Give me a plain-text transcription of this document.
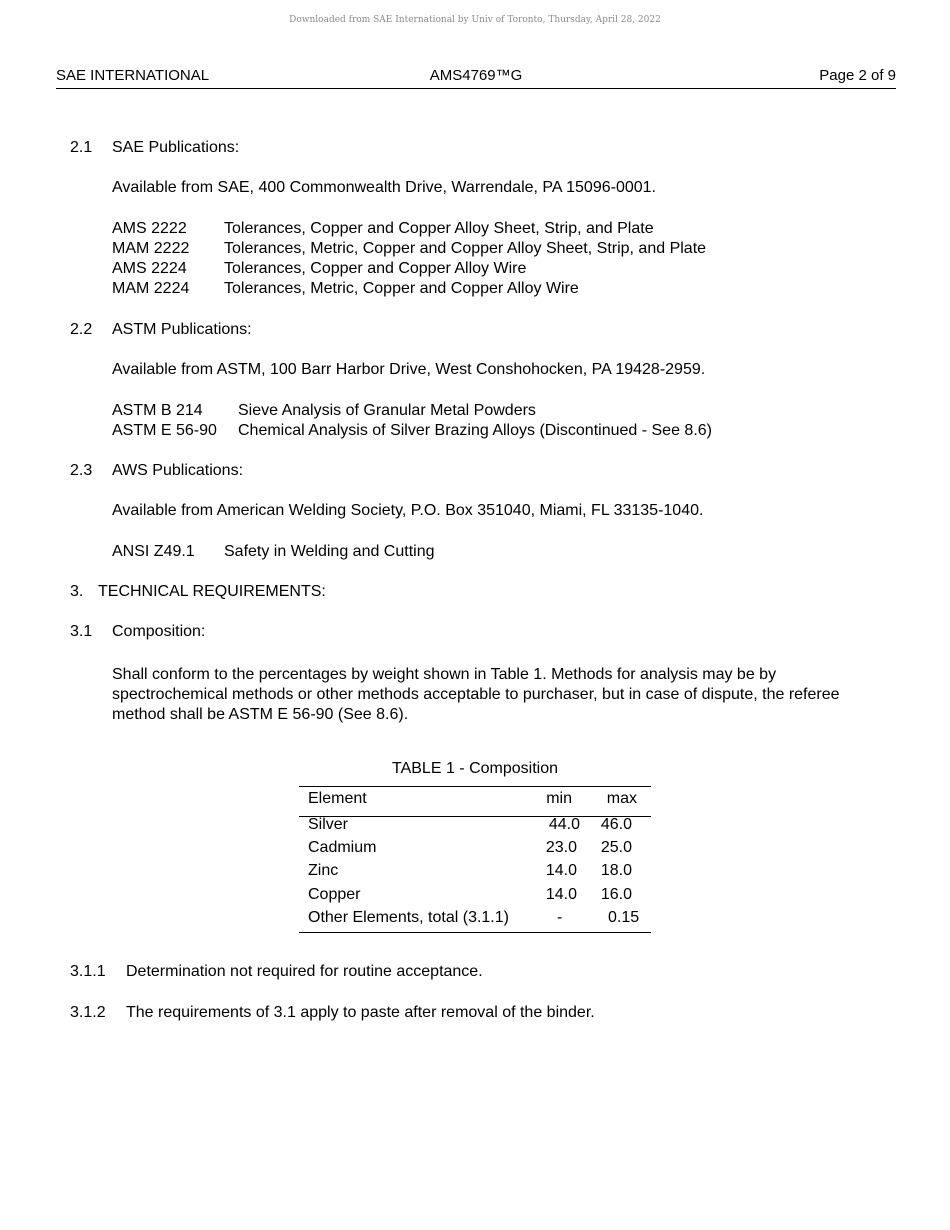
Downloaded from SAE International by Univ of Toronto, Thursday, April 28, 2022
SAE INTERNATIONAL	AMS4769™G	Page 2 of 9
2.1 SAE Publications:
Available from SAE, 400 Commonwealth Drive, Warrendale, PA 15096-0001.
AMS 2222 Tolerances, Copper and Copper Alloy Sheet, Strip, and Plate
MAM 2222 Tolerances, Metric, Copper and Copper Alloy Sheet, Strip, and Plate
AMS 2224 Tolerances, Copper and Copper Alloy Wire
MAM 2224 Tolerances, Metric, Copper and Copper Alloy Wire
2.2 ASTM Publications:
Available from ASTM, 100 Barr Harbor Drive, West Conshohocken, PA 19428-2959.
ASTM B 214 Sieve Analysis of Granular Metal Powders
ASTM E 56-90 Chemical Analysis of Silver Brazing Alloys (Discontinued - See 8.6)
2.3 AWS Publications:
Available from American Welding Society, P.O. Box 351040, Miami, FL 33135-1040.
ANSI Z49.1 Safety in Welding and Cutting
3. TECHNICAL REQUIREMENTS:
3.1 Composition:
Shall conform to the percentages by weight shown in Table 1. Methods for analysis may be by spectrochemical methods or other methods acceptable to purchaser, but in case of dispute, the referee method shall be ASTM E 56-90 (See 8.6).
TABLE 1 - Composition
Element	min	max
Silver	44.0	46.0
Cadmium	23.0	25.0
Zinc	14.0	18.0
Copper	14.0	16.0
Other Elements, total (3.1.1)	-	0.15
3.1.1 Determination not required for routine acceptance.
3.1.2 The requirements of 3.1 apply to paste after removal of the binder.
